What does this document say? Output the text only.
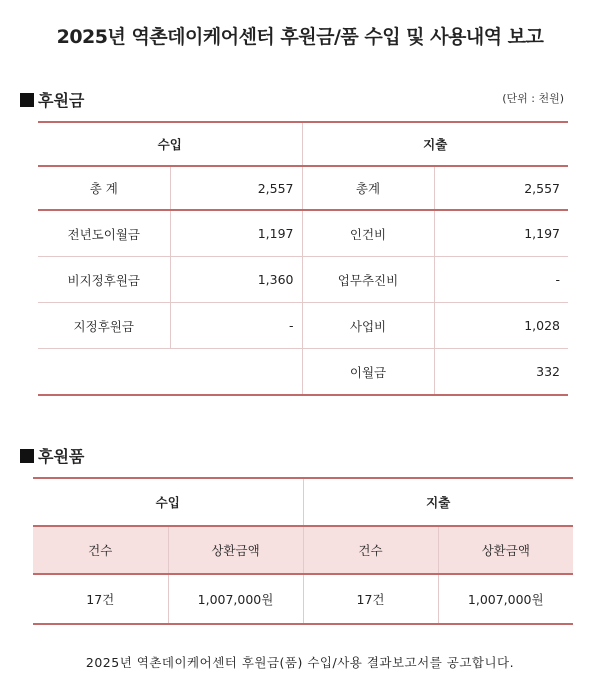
2025년 역촌데이케어센터 후원금/품 수입 및 사용내역 보고
후원금	(단위 : 천원)
수입		지출	
총 계	2,557	총계	2,557
전년도이월금	1,197	인건비	1,197
비지정후원금	1,360	업무추진비	-
지정후원금	-	사업비	1,028
		이월금	332
후원품
수입		지출	
건수	상환금액	건수	상환금액
17건	1,007,000원	17건	1,007,000원
2025년 역촌데이케어센터 후원금(품) 수입/사용 결과보고서를 공고합니다.
